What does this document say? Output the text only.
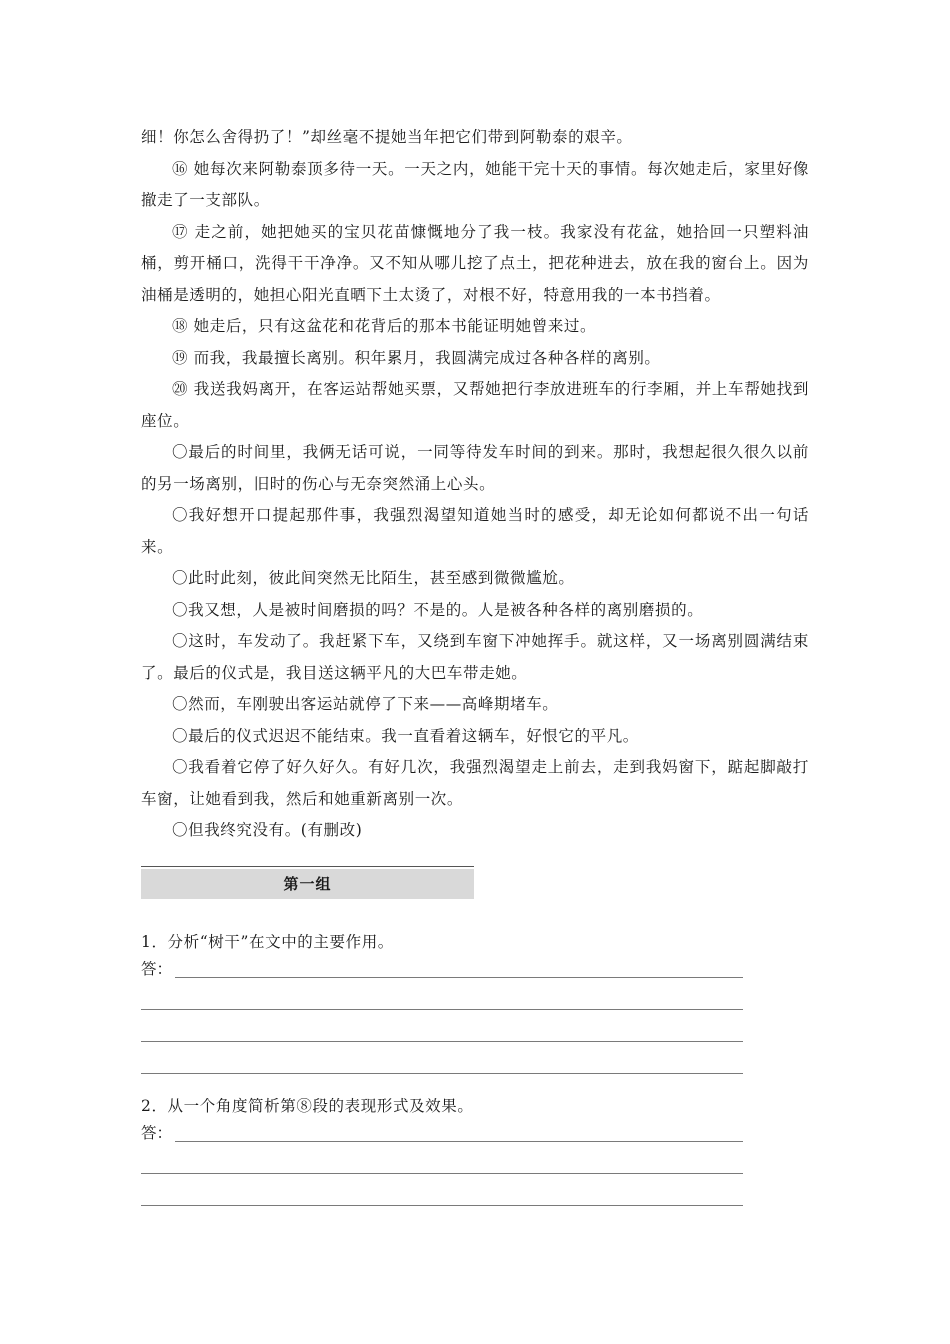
细！你怎么舍得扔了！”却丝毫不提她当年把它们带到阿勒泰的艰辛。

⑯ 她每次来阿勒泰顶多待一天。一天之内，她能干完十天的事情。每次她走后，家里好像撤走了一支部队。

⑰ 走之前，她把她买的宝贝花苗慷慨地分了我一枝。我家没有花盆，她拾回一只塑料油桶，剪开桶口，洗得干干净净。又不知从哪儿挖了点土，把花种进去，放在我的窗台上。因为油桶是透明的，她担心阳光直晒下土太烫了，对根不好，特意用我的一本书挡着。

⑱ 她走后，只有这盆花和花背后的那本书能证明她曾来过。

⑲ 而我，我最擅长离别。积年累月，我圆满完成过各种各样的离别。

⑳ 我送我妈离开，在客运站帮她买票，又帮她把行李放进班车的行李厢，并上车帮她找到座位。

〇最后的时间里，我俩无话可说，一同等待发车时间的到来。那时，我想起很久很久以前的另一场离别，旧时的伤心与无奈突然涌上心头。

〇我好想开口提起那件事，我强烈渴望知道她当时的感受，却无论如何都说不出一句话来。

〇此时此刻，彼此间突然无比陌生，甚至感到微微尴尬。

〇我又想，人是被时间磨损的吗？不是的。人是被各种各样的离别磨损的。

〇这时，车发动了。我赶紧下车，又绕到车窗下冲她挥手。就这样，又一场离别圆满结束了。最后的仪式是，我目送这辆平凡的大巴车带走她。

〇然而，车刚驶出客运站就停了下来——高峰期堵车。

〇最后的仪式迟迟不能结束。我一直看着这辆车，好恨它的平凡。

〇我看着它停了好久好久。有好几次，我强烈渴望走上前去，走到我妈窗下，踮起脚敲打车窗，让她看到我，然后和她重新离别一次。

〇但我终究没有。(有删改)

第一组

1．分析“树干”在文中的主要作用。

答：

2．从一个角度简析第⑧段的表现形式及效果。

答：
